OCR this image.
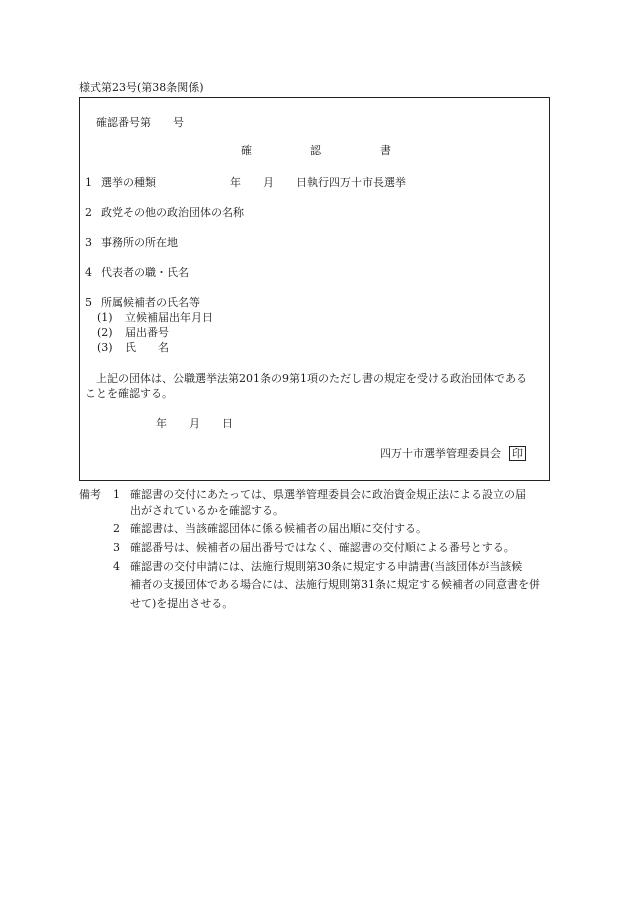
様式第23号(第38条関係)
確認番号第　　号
確	認	書
1 選挙の種類	年　　月　　日執行四万十市長選挙
2 政党その他の政治団体の名称
3 事務所の所在地
4 代表者の職・氏名
5 所属候補者の氏名等
(1) 立候補届出年月日
(2) 届出番号
(3) 氏　　名
上記の団体は、公職選挙法第201条の9第1項のただし書の規定を受ける政治団体である
ことを確認する。
年　　月　　日
四万十市選挙管理委員会 印
備考 1 確認書の交付にあたっては、県選挙管理委員会に政治資金規正法による設立の届
出がされているかを確認する。
2 確認書は、当該確認団体に係る候補者の届出順に交付する。
3 確認番号は、候補者の届出番号ではなく、確認書の交付順による番号とする。
4 確認書の交付申請には、法施行規則第30条に規定する申請書(当該団体が当該候
補者の支援団体である場合には、法施行規則第31条に規定する候補者の同意書を併
せて)を提出させる。
